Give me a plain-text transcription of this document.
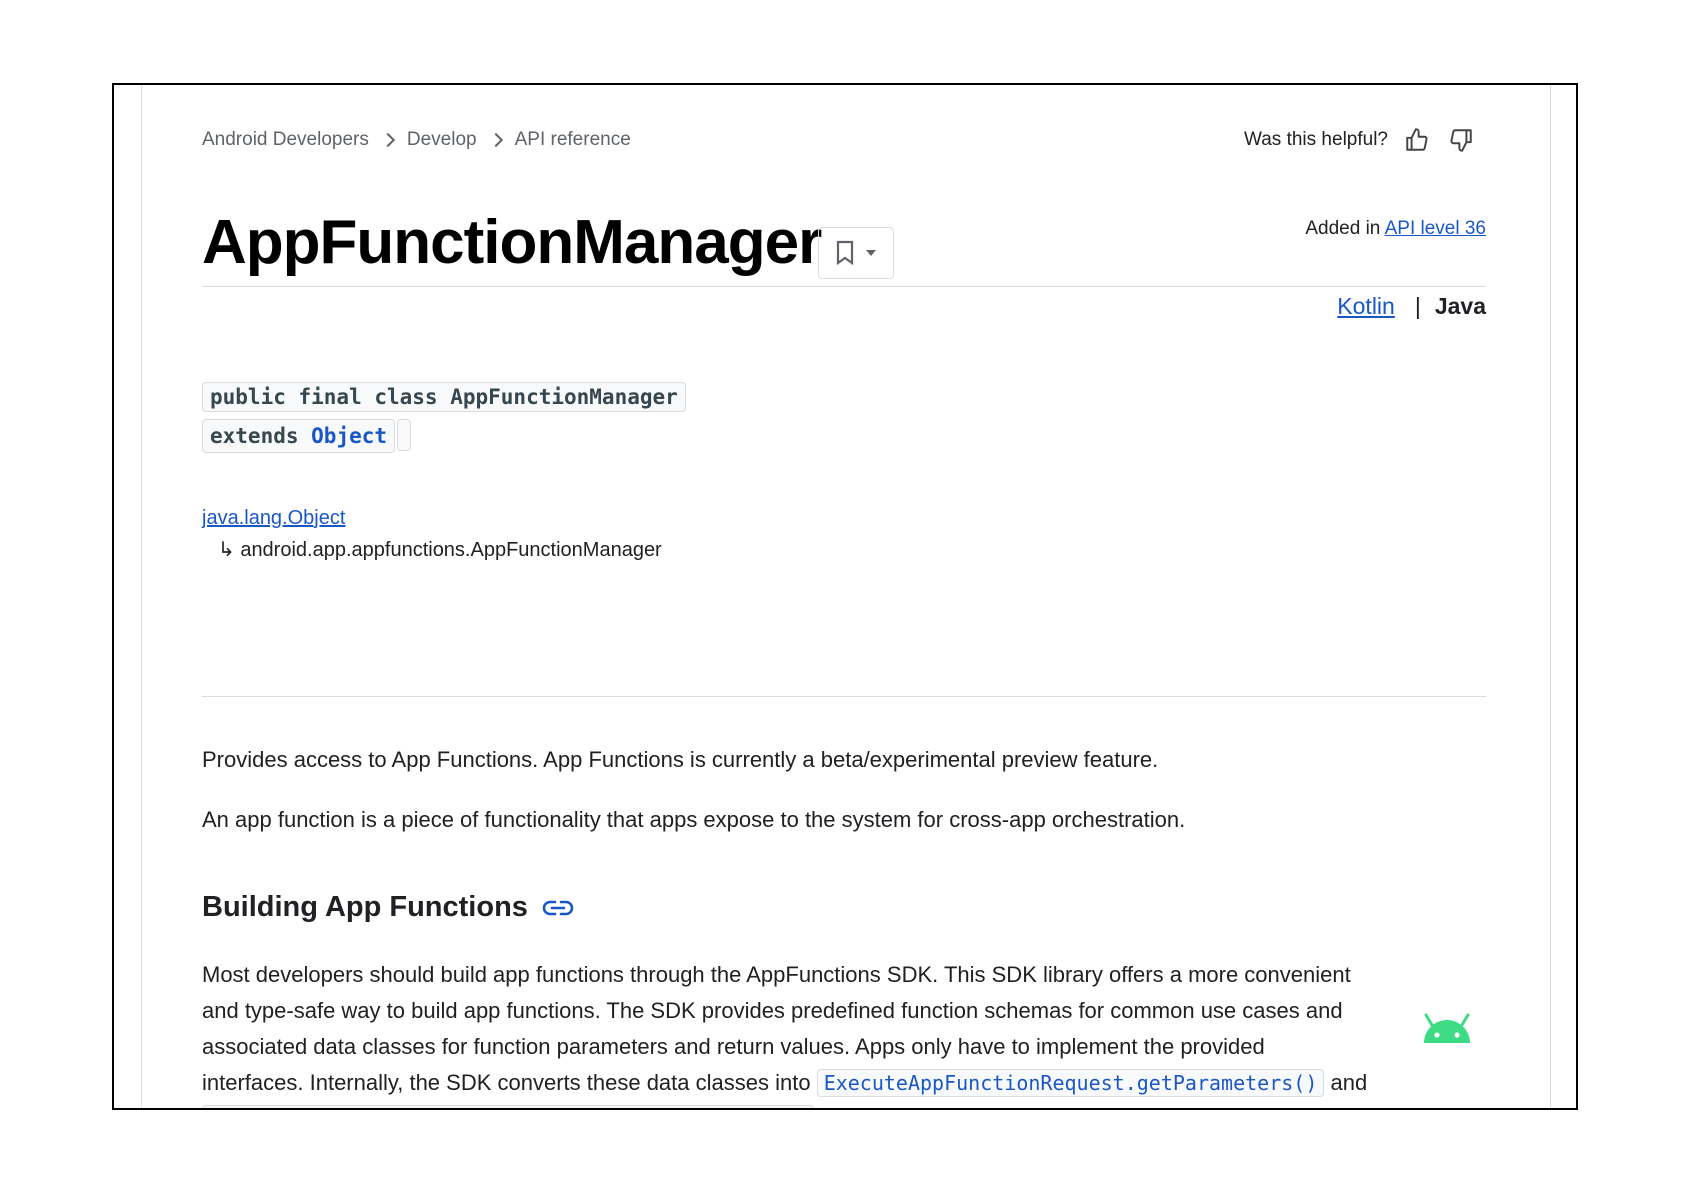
Android Developers Develop API reference	Was this helpful?
AppFunctionManager	Added in API level 36
Kotlin | Java
public final class AppFunctionManager
extends Object
java.lang.Object
↳ android.app.appfunctions.AppFunctionManager

Provides access to App Functions. App Functions is currently a beta/experimental preview feature.

An app function is a piece of functionality that apps expose to the system for cross-app orchestration.

Building App Functions
Most developers should build app functions through the AppFunctions SDK. This SDK library offers a more convenient
and type-safe way to build app functions. The SDK provides predefined function schemas for common use cases and
associated data classes for function parameters and return values. Apps only have to implement the provided
interfaces. Internally, the SDK converts these data classes into ExecuteAppFunctionRequest.getParameters() and
